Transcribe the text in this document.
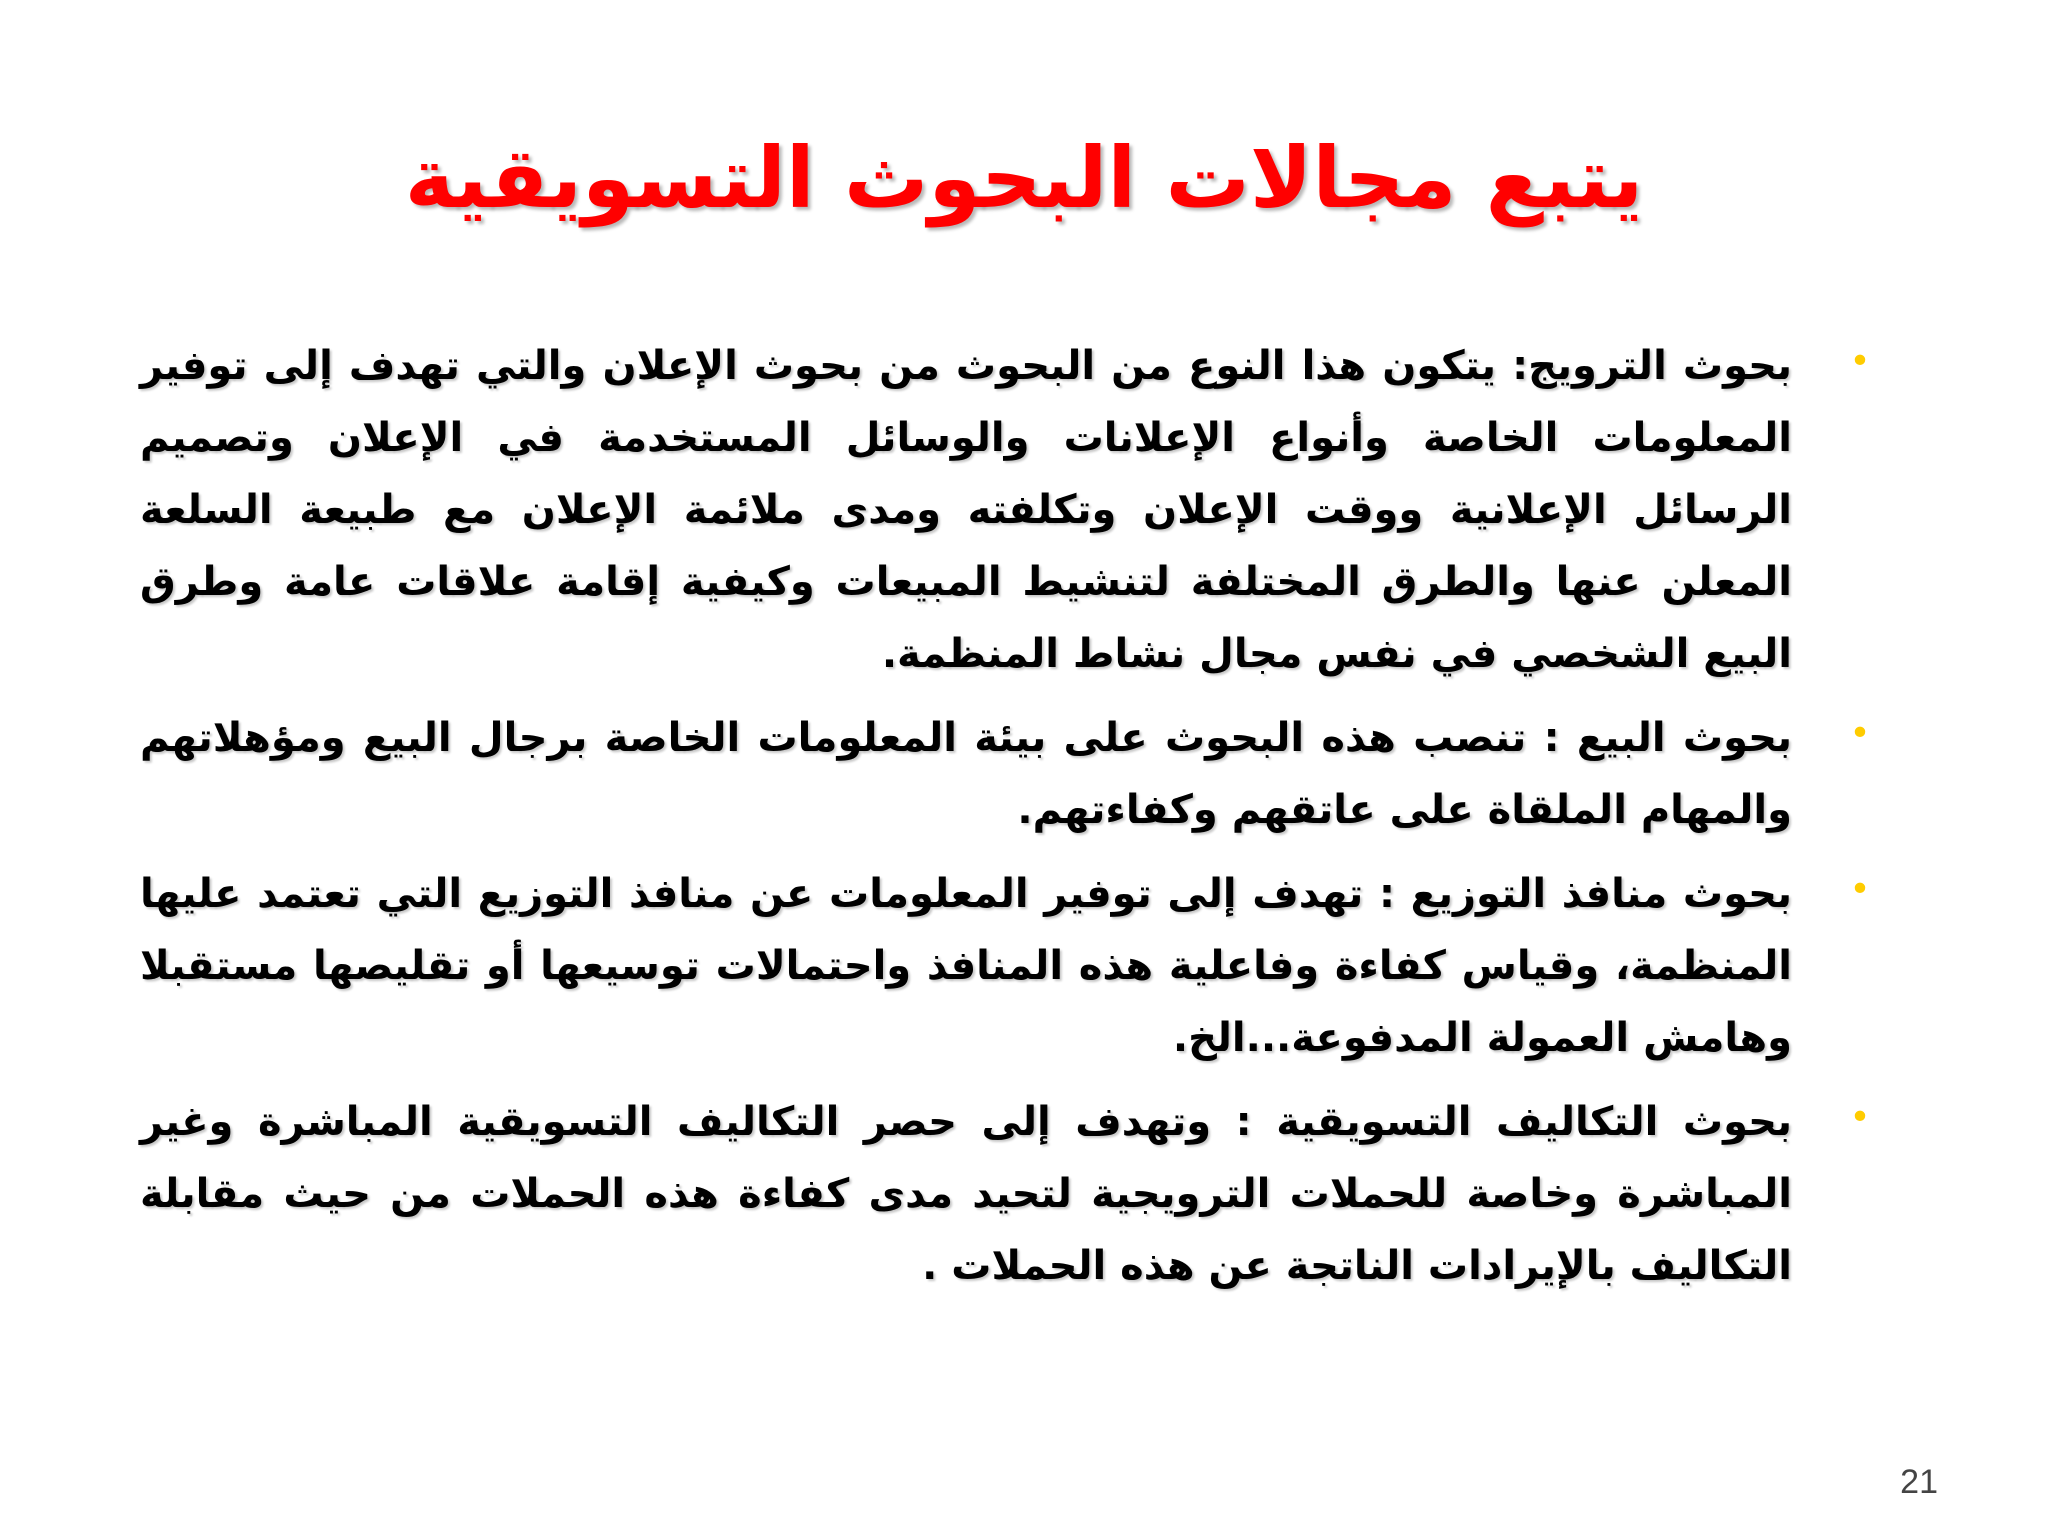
يتبع مجالات البحوث التسويقية
•
بحوث الترويج: يتكون هذا النوع من البحوث من بحوث الإعلان والتي تهدف إلى توفير المعلومات الخاصة وأنواع الإعلانات والوسائل المستخدمة في الإعلان وتصميم الرسائل الإعلانية ووقت الإعلان وتكلفته ومدى ملائمة الإعلان مع طبيعة السلعة المعلن عنها والطرق المختلفة لتنشيط المبيعات وكيفية إقامة علاقات عامة وطرق البيع الشخصي في نفس مجال نشاط المنظمة.
•
بحوث البيع : تنصب هذه البحوث على بيئة المعلومات الخاصة برجال البيع ومؤهلاتهم والمهام الملقاة على عاتقهم وكفاءتهم.
•
بحوث منافذ التوزيع : تهدف إلى توفير المعلومات عن منافذ التوزيع التي تعتمد عليها المنظمة، وقياس كفاءة وفاعلية هذه المنافذ واحتمالات توسيعها أو تقليصها مستقبلا وهامش العمولة المدفوعة...الخ.
•
بحوث التكاليف التسويقية : وتهدف إلى حصر التكاليف التسويقية المباشرة وغير المباشرة وخاصة للحملات الترويجية لتحيد مدى كفاءة هذه الحملات من حيث مقابلة التكاليف بالإيرادات الناتجة عن هذه الحملات .
21
